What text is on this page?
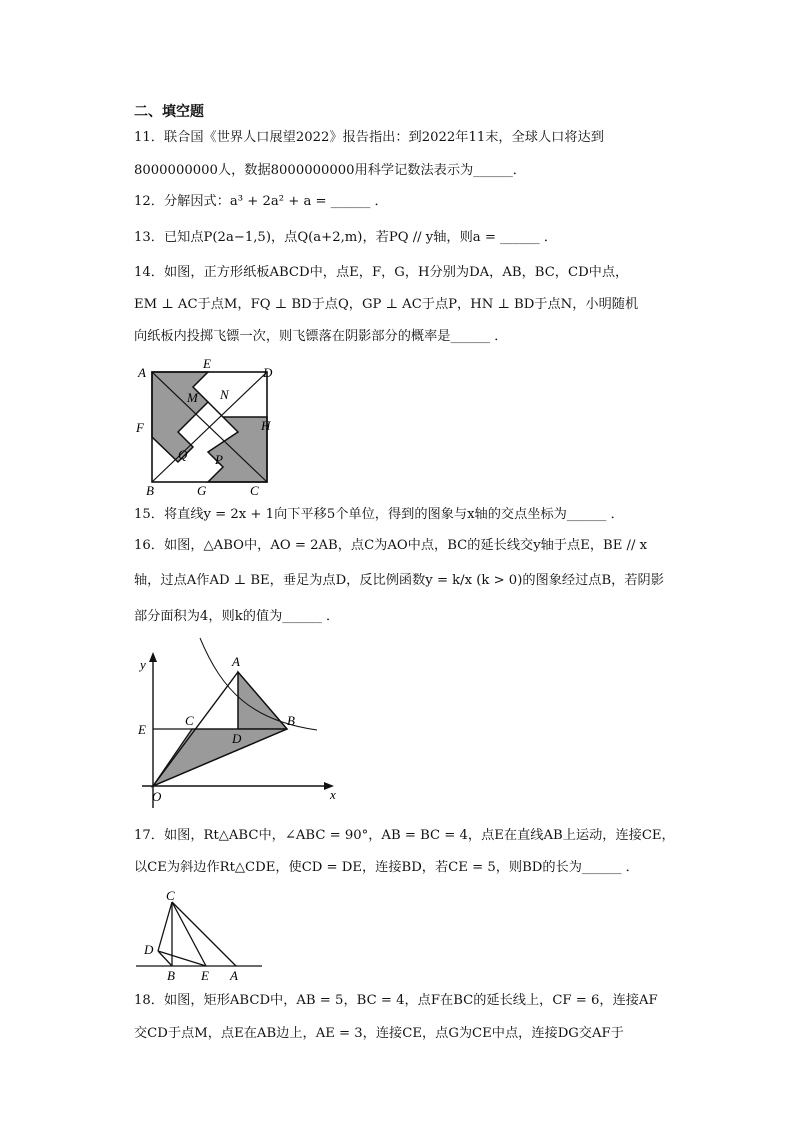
二、填空题
11．联合国《世界人口展望2022》报告指出：到2022年11末，全球人口将达到
8000000000人，数据8000000000用科学记数法表示为______．
12．分解因式：a³ + 2a² + a = ______ ．
13．已知点P(2a−1,5)，点Q(a+2,m)，若PQ // y轴，则a = ______ ．
14．如图，正方形纸板ABCD中，点E，F，G，H分别为DA，AB，BC，CD中点，
EM ⊥ AC于点M，FQ ⊥ BD于点Q，GP ⊥ AC于点P，HN ⊥ BD于点N，小明随机
向纸板内投掷飞镖一次，则飞镖落在阴影部分的概率是______ ．
A
E
D
M N
F	H
Q P
B	G	C
15．将直线y = 2x + 1向下平移5个单位，得到的图象与x轴的交点坐标为______ ．
16．如图，△ABO中，AO = 2AB，点C为AO中点，BC的延长线交y轴于点E，BE // x
轴，过点A作AD ⊥ BE，垂足为点D，反比例函数y = k/x (k > 0)的图象经过点B，若阴影
部分面积为4，则k的值为______ ．
y
x
A
E
C	B
D
O
17．如图，Rt△ABC中，∠ABC = 90°，AB = BC = 4，点E在直线AB上运动，连接CE，
以CE为斜边作Rt△CDE，使CD = DE，连接BD，若CE = 5，则BD的长为______ ．
C
D
B E A
18．如图，矩形ABCD中，AB = 5，BC = 4，点F在BC的延长线上，CF = 6，连接AF
交CD于点M，点E在AB边上，AE = 3，连接CE，点G为CE中点，连接DG交AF于
